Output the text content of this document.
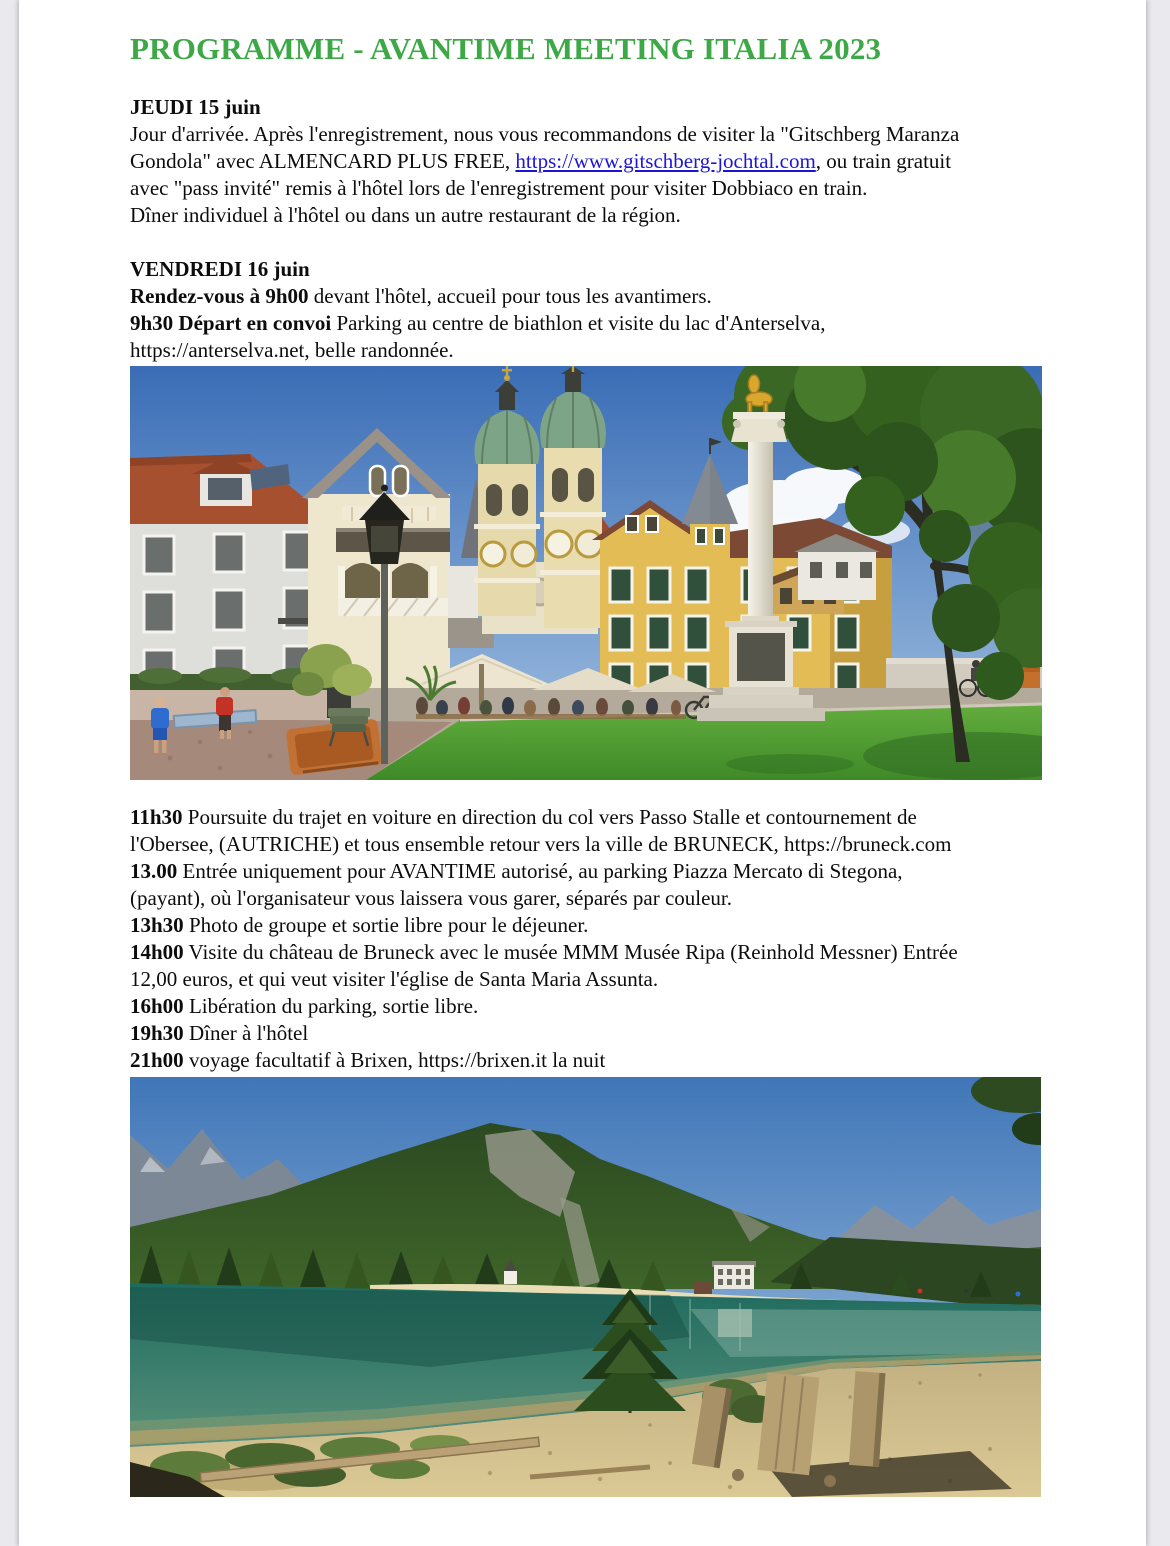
PROGRAMME - AVANTIME MEETING ITALIA 2023
JEUDI 15 juin
Jour d'arrivée. Après l'enregistrement, nous vous recommandons de visiter la "Gitschberg Maranza
Gondola" avec ALMENCARD PLUS FREE, https://www.gitschberg-jochtal.com, ou train gratuit
avec "pass invité" remis à l'hôtel lors de l'enregistrement pour visiter Dobbiaco en train.
Dîner individuel à l'hôtel ou dans un autre restaurant de la région.
VENDREDI 16 juin
Rendez-vous à 9h00 devant l'hôtel, accueil pour tous les avantimers.
9h30 Départ en convoi Parking au centre de biathlon et visite du lac d'Anterselva,
https://anterselva.net, belle randonnée.
11h30 Poursuite du trajet en voiture en direction du col vers Passo Stalle et contournement de
l'Obersee, (AUTRICHE) et tous ensemble retour vers la ville de BRUNECK, https://bruneck.com
13.00 Entrée uniquement pour AVANTIME autorisé, au parking Piazza Mercato di Stegona,
(payant), où l'organisateur vous laissera vous garer, séparés par couleur.
13h30 Photo de groupe et sortie libre pour le déjeuner.
14h00 Visite du château de Bruneck avec le musée MMM Musée Ripa (Reinhold Messner) Entrée
12,00 euros, et qui veut visiter l'église de Santa Maria Assunta.
16h00 Libération du parking, sortie libre.
19h30 Dîner à l'hôtel
21h00 voyage facultatif à Brixen, https://brixen.it la nuit
